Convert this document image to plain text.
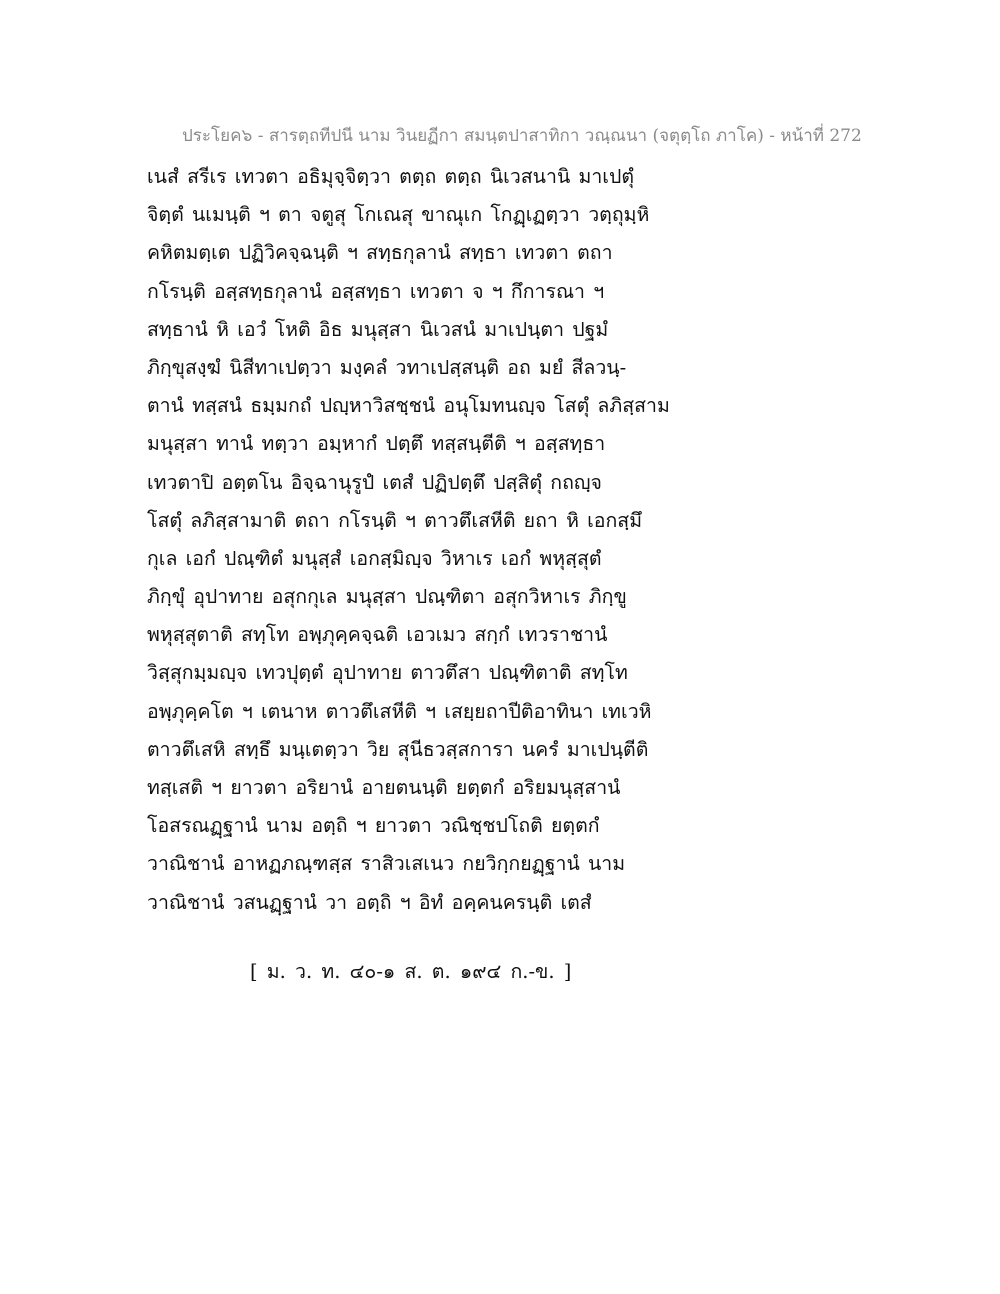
ประโยค๖ - สารตฺถทีปนี นาม วินยฏีกา สมนฺตปาสาทิกา วณฺณนา (จตุตฺโถ ภาโค) - หน้าที่ 272
เนสํ สรีเร เทวตา อธิมุจฺจิตฺวา ตตฺถ ตตฺถ นิเวสนานิ มาเปตุํ
จิตฺตํ นเมนฺติ ฯ ตา จตูสุ โกเณสุ ขาณุเก โกฏฺเฏตฺวา วตฺถุมฺหิ
คหิตมตฺเต ปฏิวิคจฺฉนฺติ ฯ สทฺธกุลานํ สทฺธา เทวตา ตถา
กโรนฺติ อสฺสทฺธกุลานํ อสฺสทฺธา เทวตา จ ฯ กึการณา ฯ
สทฺธานํ หิ เอวํ โหติ อิธ มนุสฺสา นิเวสนํ มาเปนฺตา ปฐมํ
ภิกฺขุสงฺฆํ นิสีทาเปตฺวา มงฺคลํ วทาเปสฺสนฺติ อถ มยํ สีลวนฺ-
ตานํ ทสฺสนํ ธมฺมกถํ ปญฺหาวิสชฺชนํ อนุโมทนญฺจ โสตุํ ลภิสฺสาม
มนุสฺสา ทานํ ทตฺวา อมฺหากํ ปตฺตึ ทสฺสนฺตีติ ฯ อสฺสทฺธา
เทวตาปิ อตฺตโน อิจฺฉานุรูปํ เตสํ ปฏิปตฺตึ ปสฺสิตุํ กถญฺจ
โสตุํ ลภิสฺสามาติ ตถา กโรนฺติ ฯ ตาวตึเสหีติ ยถา หิ เอกสฺมึ
กุเล เอกํ ปณฺฑิตํ มนุสฺสํ เอกสฺมิญฺจ วิหาเร เอกํ พหุสฺสุตํ
ภิกฺขุํ อุปาทาย อสุกกุเล มนุสฺสา ปณฺฑิตา อสุกวิหาเร ภิกฺขู
พหุสฺสุตาติ สทฺโท อพฺภุคฺคจฺฉติ เอวเมว สกฺกํ เทวราชานํ
วิสฺสุกมฺมญฺจ เทวปุตฺตํ อุปาทาย ตาวตึสา ปณฺฑิตาติ สทฺโท
อพฺภุคฺคโต ฯ เตนาห ตาวตึเสหีติ ฯ เสยฺยถาปีติอาทินา เทเวหิ
ตาวตึเสหิ สทฺธึ มนฺเตตฺวา วิย สุนีธวสฺสการา นครํ มาเปนฺตีติ
ทสฺเสติ ฯ ยาวตา อริยานํ อายตนนฺติ ยตฺตกํ อริยมนุสฺสานํ
โอสรณฏฺฐานํ นาม อตฺถิ ฯ ยาวตา วณิชฺชปโถติ ยตฺตกํ
วาณิชานํ อาหฏภณฺฑสฺส ราสิวเสเนว กยวิกฺกยฏฺฐานํ นาม
วาณิชานํ วสนฏฺฐานํ วา อตฺถิ ฯ อิทํ อคฺคนครนฺติ เตสํ
[ ม. ว. ท. ๔๐-๑ ส. ต. ๑๙๔ ก.-ข. ]
